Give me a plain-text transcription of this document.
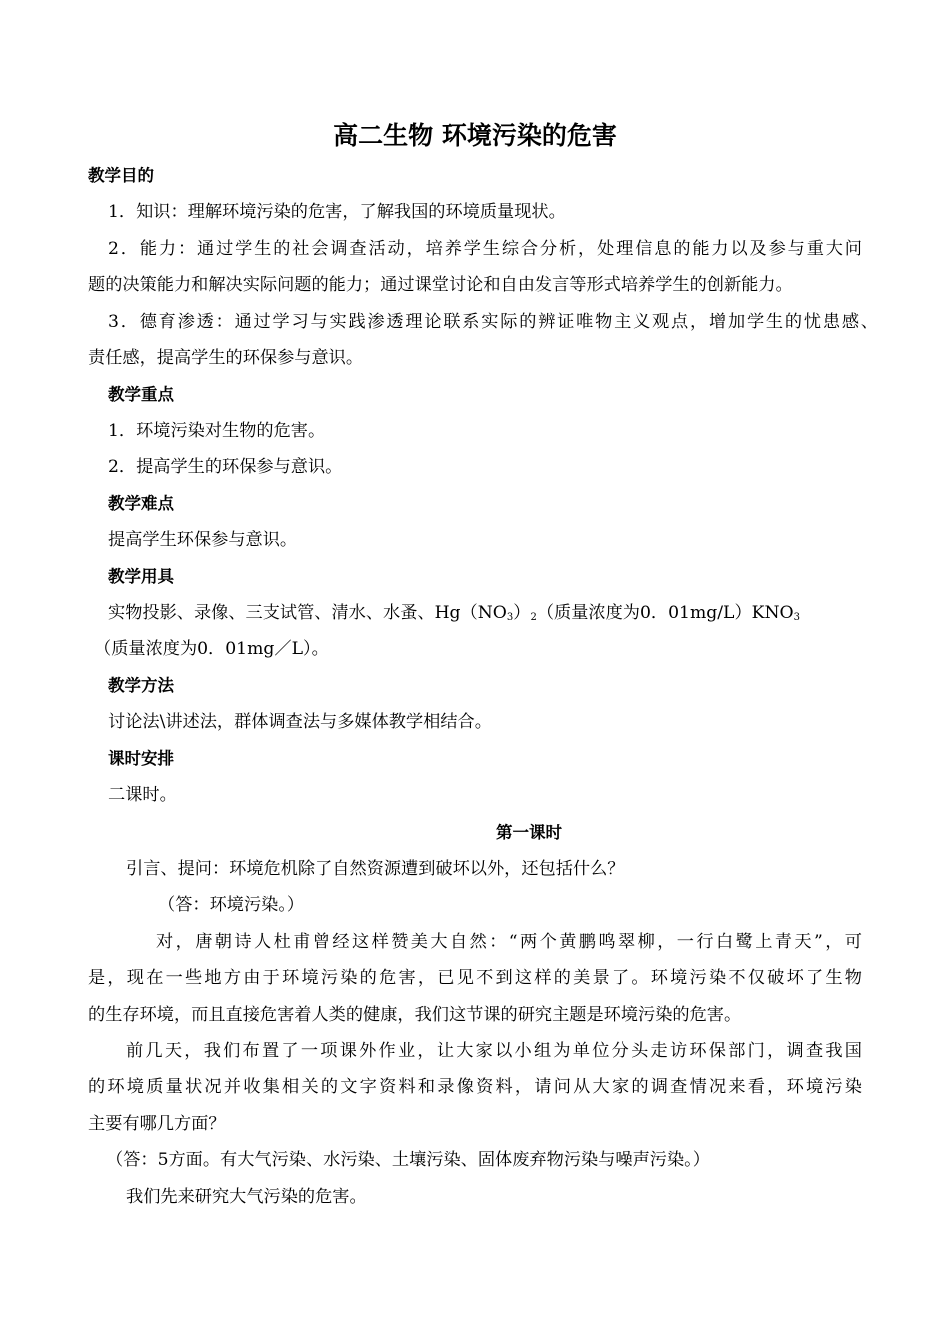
高二生物 环境污染的危害
教学目的
1．知识：理解环境污染的危害，了解我国的环境质量现状。
2．能力：通过学生的社会调查活动，培养学生综合分析，处理信息的能力以及参与重大问
题的决策能力和解决实际问题的能力；通过课堂讨论和自由发言等形式培养学生的创新能力。
3．德育渗透：通过学习与实践渗透理论联系实际的辨证唯物主义观点，增加学生的忧患感、
责任感，提高学生的环保参与意识。
教学重点
1．环境污染对生物的危害。
2．提高学生的环保参与意识。
教学难点
提高学生环保参与意识。
教学用具
实物投影、录像、三支试管、清水、水蚤、$Hg(NO_3)_2$（质量浓度为0．$01mg/L)KNO_3$
（质量浓度为0．01mg／L）。
教学方法
讨论法\讲述法，群体调查法与多媒体教学相结合。
课时安排
二课时。
第一课时
引言、提问：环境危机除了自然资源遭到破坏以外，还包括什么？
（答：环境污染。）
对，唐朝诗人杜甫曾经这样赞美大自然：“两个黄鹏鸣翠柳，一行白鹭上青天”，可
是，现在一些地方由于环境污染的危害，已见不到这样的美景了。环境污染不仅破坏了生物
的生存环境，而且直接危害着人类的健康，我们这节课的研究主题是环境污染的危害。
前几天，我们布置了一项课外作业，让大家以小组为单位分头走访环保部门，调查我国
的环境质量状况并收集相关的文字资料和录像资料，请问从大家的调查情况来看，环境污染
主要有哪几方面？
（答：5方面。有大气污染、水污染、土壤污染、固体废弃物污染与噪声污染。）
我们先来研究大气污染的危害。
